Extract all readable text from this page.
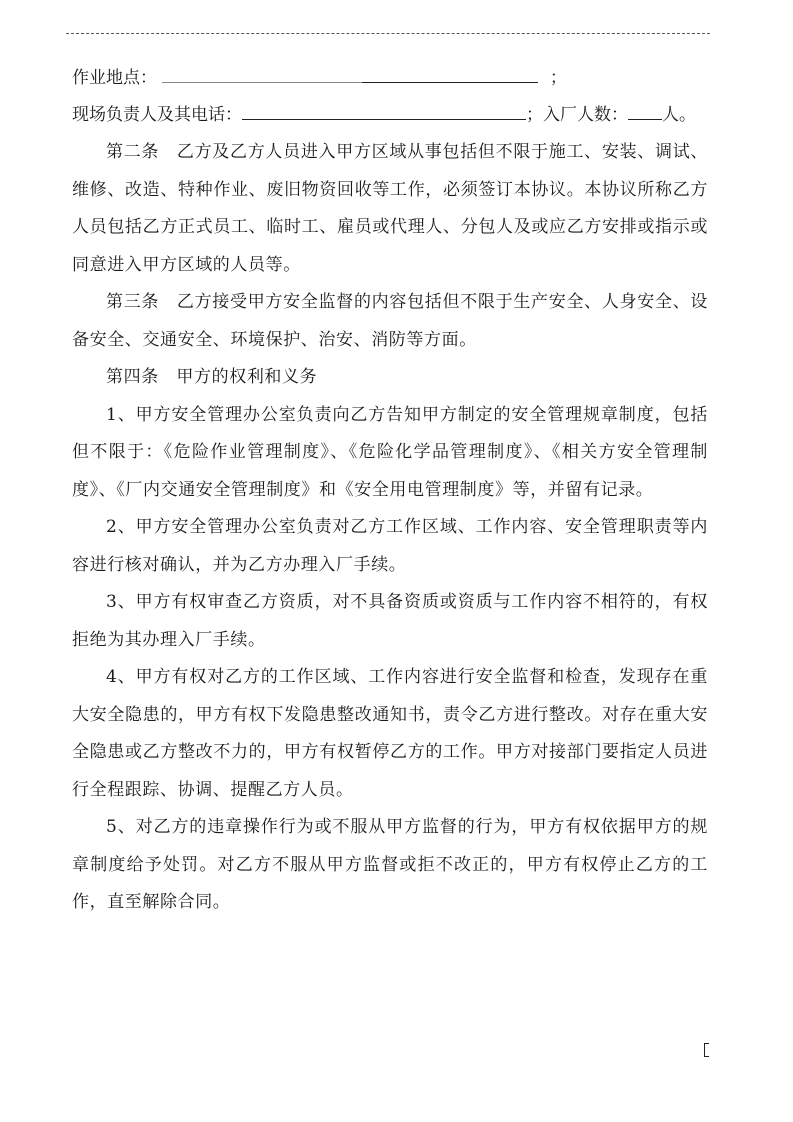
作业地点：	；
现场负责人及其电话：	；入厂人数： 人。

第二条  乙方及乙方人员进入甲方区域从事包括但不限于施工、安装、调试、维修、改造、特种作业、废旧物资回收等工作，必须签订本协议。本协议所称乙方人员包括乙方正式员工、临时工、雇员或代理人、分包人及或应乙方安排或指示或同意进入甲方区域的人员等。

第三条  乙方接受甲方安全监督的内容包括但不限于生产安全、人身安全、设备安全、交通安全、环境保护、治安、消防等方面。

第四条  甲方的权利和义务

1、甲方安全管理办公室负责向乙方告知甲方制定的安全管理规章制度，包括但不限于：《危险作业管理制度》、《危险化学品管理制度》、《相关方安全管理制度》、《厂内交通安全管理制度》和《安全用电管理制度》等，并留有记录。

2、甲方安全管理办公室负责对乙方工作区域、工作内容、安全管理职责等内容进行核对确认，并为乙方办理入厂手续。

3、甲方有权审查乙方资质，对不具备资质或资质与工作内容不相符的，有权拒绝为其办理入厂手续。

4、甲方有权对乙方的工作区域、工作内容进行安全监督和检查，发现存在重大安全隐患的，甲方有权下发隐患整改通知书，责令乙方进行整改。对存在重大安全隐患或乙方整改不力的，甲方有权暂停乙方的工作。甲方对接部门要指定人员进行全程跟踪、协调、提醒乙方人员。

5、对乙方的违章操作行为或不服从甲方监督的行为，甲方有权依据甲方的规章制度给予处罚。对乙方不服从甲方监督或拒不改正的，甲方有权停止乙方的工作，直至解除合同。
